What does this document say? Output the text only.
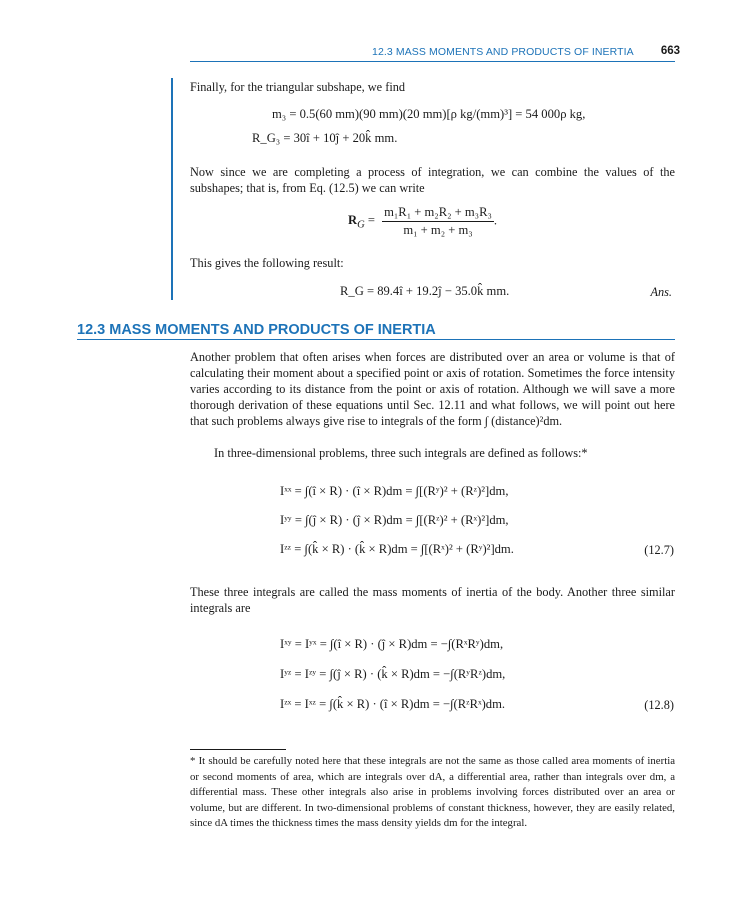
12.3 MASS MOMENTS AND PRODUCTS OF INERTIA 663
Finally, for the triangular subshape, we find
m₃ = 0.5(60 mm)(90 mm)(20 mm)[ρ kg/(mm)³] = 54 000ρ kg,
R_G₃ = 30î + 10ĵ + 20k̂ mm.
Now since we are completing a process of integration, we can combine the values of the subshapes; that is, from Eq. (12.5) we can write
$R_G = \frac{\text{m₁R₁ + m₂R₂ + m₃R₃}}{\text{m₁ + m₂ + m₃}}$ .
This gives the following result:
R_G = 89.4î + 19.2ĵ − 35.0k̂ mm.	Ans.
12.3 MASS MOMENTS AND PRODUCTS OF INERTIA
Another problem that often arises when forces are distributed over an area or volume is that of calculating their moment about a specified point or axis of rotation. Sometimes the force intensity varies according to its distance from the point or axis of rotation. Although we will save a more thorough derivation of these equations until Sec. 12.11 and what follows, we will point out here that such problems always give rise to integrals of the form ∫ (distance)²dm.
In three-dimensional problems, three such integrals are defined as follows:*
Iˣˣ = ∫(î × R) · (î × R)dm = ∫[(Rʸ)² + (Rᶻ)²]dm,
Iʸʸ = ∫(ĵ × R) · (ĵ × R)dm = ∫[(Rᶻ)² + (Rˣ)²]dm,
Iᶻᶻ = ∫(k̂ × R) · (k̂ × R)dm = ∫[(Rˣ)² + (Rʸ)²]dm.	(12.7)
These three integrals are called the mass moments of inertia of the body. Another three similar integrals are
Iˣʸ = Iʸˣ = ∫(î × R) · (ĵ × R)dm = −∫(RˣRʸ)dm,
Iʸᶻ = Iᶻʸ = ∫(ĵ × R) · (k̂ × R)dm = −∫(RʸRᶻ)dm,
Iᶻˣ = Iˣᶻ = ∫(k̂ × R) · (î × R)dm = −∫(RᶻRˣ)dm.	(12.8)
* It should be carefully noted here that these integrals are not the same as those called area moments of inertia or second moments of area, which are integrals over dA, a differential area, rather than integrals over dm, a differential mass. These other integrals also arise in problems involving forces distributed over an area or volume, but are different. In two-dimensional problems of constant thickness, however, they are easily related, since dA times the thickness times the mass density yields dm for the integral.
